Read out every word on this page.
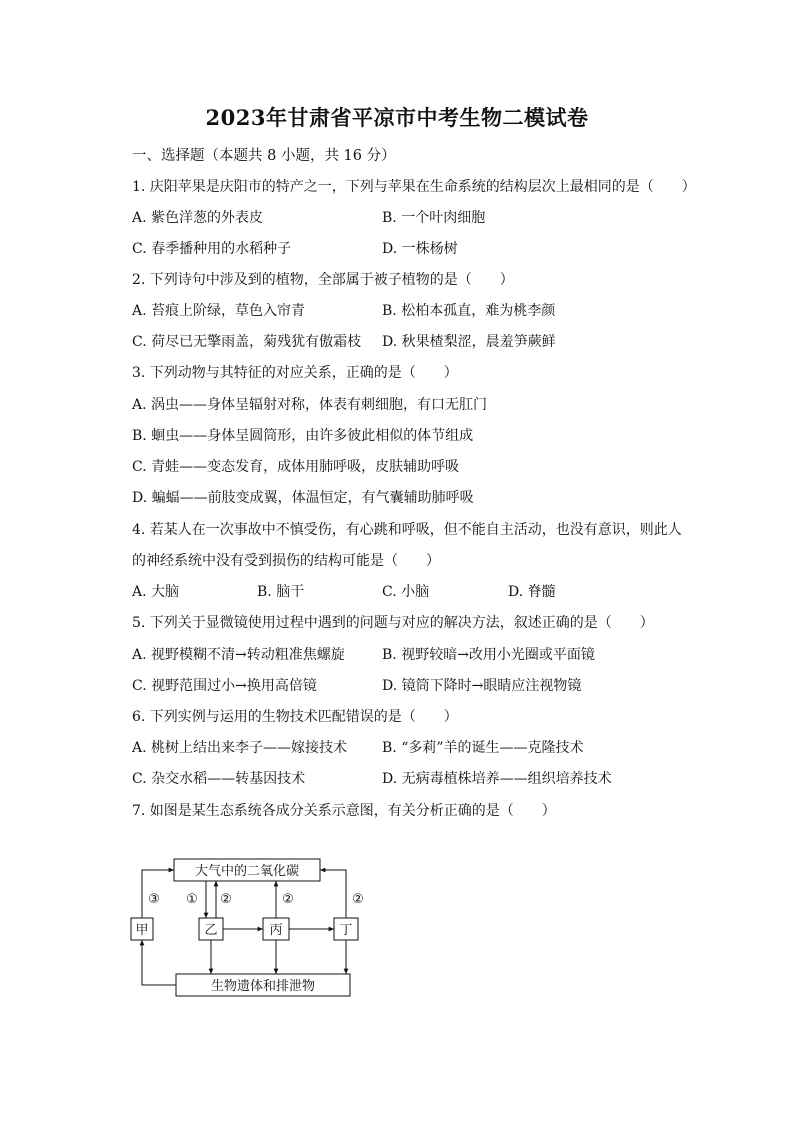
2023年甘肃省平凉市中考生物二模试卷
一、选择题（本题共 8 小题，共 16 分）
1. 庆阳苹果是庆阳市的特产之一，下列与苹果在生命系统的结构层次上最相同的是（　　）
A. 紫色洋葱的外表皮	B. 一个叶肉细胞
C. 春季播种用的水稻种子	D. 一株杨树
2. 下列诗句中涉及到的植物，全部属于被子植物的是（　　）
A. 苔痕上阶绿，草色入帘青	B. 松柏本孤直，难为桃李颜
C. 荷尽已无擎雨盖，菊残犹有傲霜枝 D. 秋果楂梨涩，晨羞笋蕨鲜
3. 下列动物与其特征的对应关系，正确的是（　　）
A. 涡虫——身体呈辐射对称，体表有刺细胞，有口无肛门
B. 蛔虫——身体呈圆筒形，由许多彼此相似的体节组成
C. 青蛙——变态发育，成体用肺呼吸，皮肤辅助呼吸
D. 蝙蝠——前肢变成翼，体温恒定，有气囊辅助肺呼吸
4. 若某人在一次事故中不慎受伤，有心跳和呼吸，但不能自主活动，也没有意识，则此人
的神经系统中没有受到损伤的结构可能是（　　）
A. 大脑	B. 脑干	C. 小脑	D. 脊髓
5. 下列关于显微镜使用过程中遇到的问题与对应的解决方法，叙述正确的是（　　）
A. 视野模糊不清→转动粗准焦螺旋	B. 视野较暗→改用小光圈或平面镜
C. 视野范围过小→换用高倍镜	D. 镜筒下降时→眼睛应注视物镜
6. 下列实例与运用的生物技术匹配错误的是（　　）
A. 桃树上结出来李子——嫁接技术 B. “多莉”羊的诞生——克隆技术
C. 杂交水稻——转基因技术	D. 无病毒植株培养——组织培养技术
7. 如图是某生态系统各成分关系示意图，有关分析正确的是（　　）
大气中的二氧化碳
生物遗体和排泄物
甲	乙	丙	丁
③ ① ②	②	②
